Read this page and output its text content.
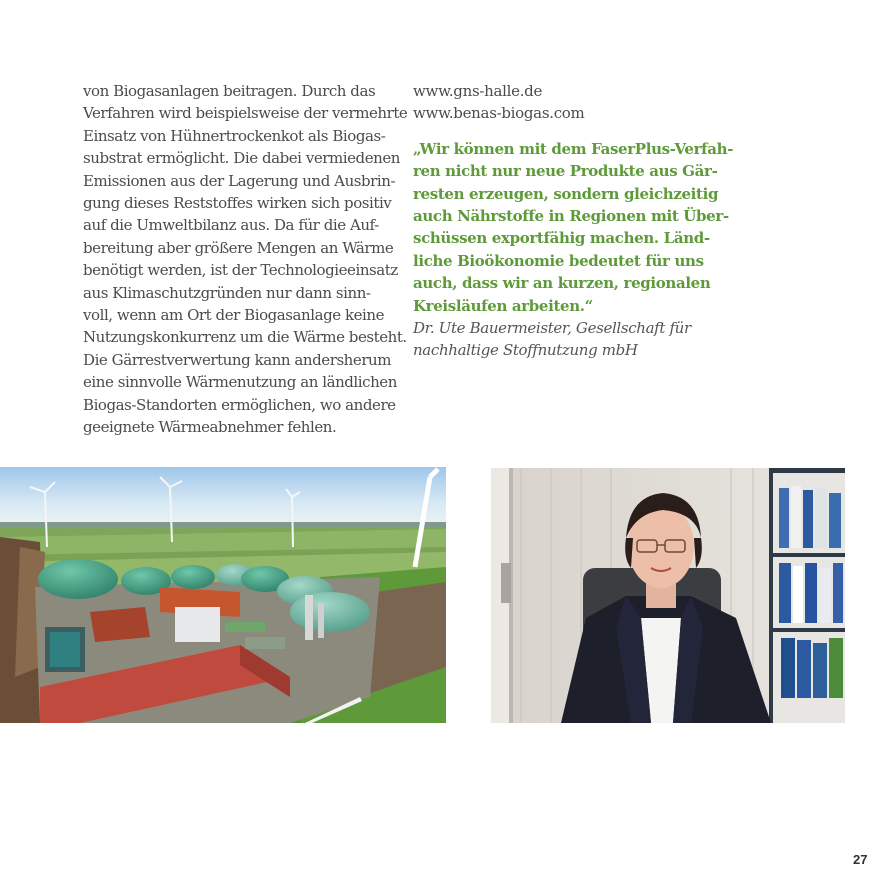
von Biogasanlagen beitragen. Durch das
Verfahren wird beispielsweise der vermehrte
Einsatz von Hühnertrockenkot als Biogas-
substrat ermöglicht. Die dabei vermiedenen
Emissionen aus der Lagerung und Ausbrin-
gung dieses Reststoffes wirken sich positiv
auf die Umweltbilanz aus. Da für die Auf-
bereitung aber größere Mengen an Wärme
benötigt werden, ist der Technologieeinsatz
aus Klimaschutzgründen nur dann sinn-
voll, wenn am Ort der Biogasanlage keine
Nutzungskonkurrenz um die Wärme besteht.
Die Gärrestverwertung kann andersherum
eine sinnvolle Wärmenutzung an ländlichen
Biogas-Standorten ermöglichen, wo andere
geeignete Wärmeabnehmer fehlen.
www.gns-halle.de
www.benas-biogas.com
„Wir können mit dem FaserPlus-Verfah-
ren nicht nur neue Produkte aus Gär-
resten erzeugen, sondern gleichzeitig
auch Nährstoffe in Regionen mit Über-
schüssen exportfähig machen. Länd-
liche Bioökonomie bedeutet für uns
auch, dass wir an kurzen, regionalen
Kreisläufen arbeiten.“
Dr. Ute Bauermeister, Gesellschaft für
nachhaltige Stoffnutzung mbH
27
